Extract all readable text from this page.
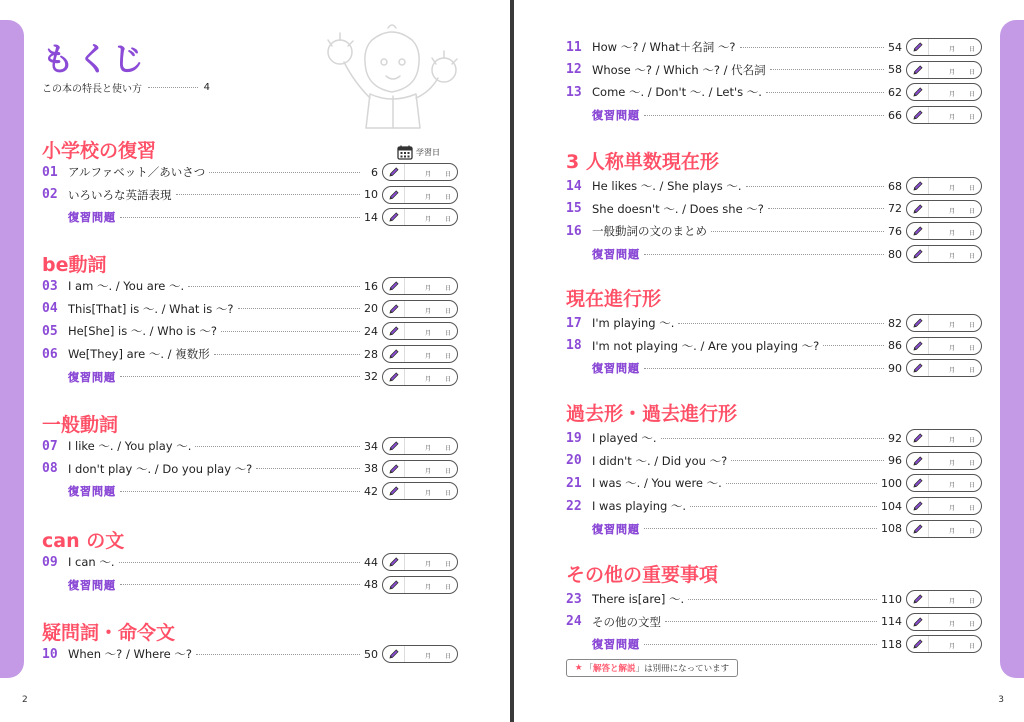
もくじ
この本の特長と使い方	4
学習日
小学校の復習
01 アルファベット／あいさつ	6	月 日
02 いろいろな英語表現	10	月 日
復習問題	14	月 日
be動詞
03 I am ～. / You are ～.	16	月 日
04 This[That] is ～. / What is ～?	20	月 日
05 He[She] is ～. / Who is ～?	24	月 日
06 We[They] are ～. / 複数形	28	月 日
復習問題	32	月 日
一般動詞
07 I like ～. / You play ～.	34	月 日
08 I don't play ～. / Do you play ～?	38	月 日
復習問題	42	月 日
can の文
09 I can ～.	44	月 日
復習問題	48	月 日
疑問詞・命令文
10 When ～? / Where ～?	50	月 日
2
11 How ～? / What＋名詞 ～?	54	月 日
12 Whose ～? / Which ～? / 代名詞	58	月 日
13 Come ～. / Don't ～. / Let's ～.	62	月 日
復習問題	66	月 日
3 人称単数現在形
14 He likes ～. / She plays ～.	68	月 日
15 She doesn't ～. / Does she ～?	72	月 日
16 一般動詞の文のまとめ	76	月 日
復習問題	80	月 日
現在進行形
17 I'm playing ～.	82	月 日
18 I'm not playing ～. / Are you playing ～?	86	月 日
復習問題	90	月 日
過去形・過去進行形
19 I played ～.	92	月 日
20 I didn't ～. / Did you ～?	96	月 日
21 I was ～. / You were ～.	100	月 日
22 I was playing ～.	104	月 日
復習問題	108	月 日
その他の重要事項
23 There is[are] ～.	110	月 日
24 その他の文型	114	月 日
復習問題	118	月 日
★ 「 解答と解説 」は別冊になっています
3
